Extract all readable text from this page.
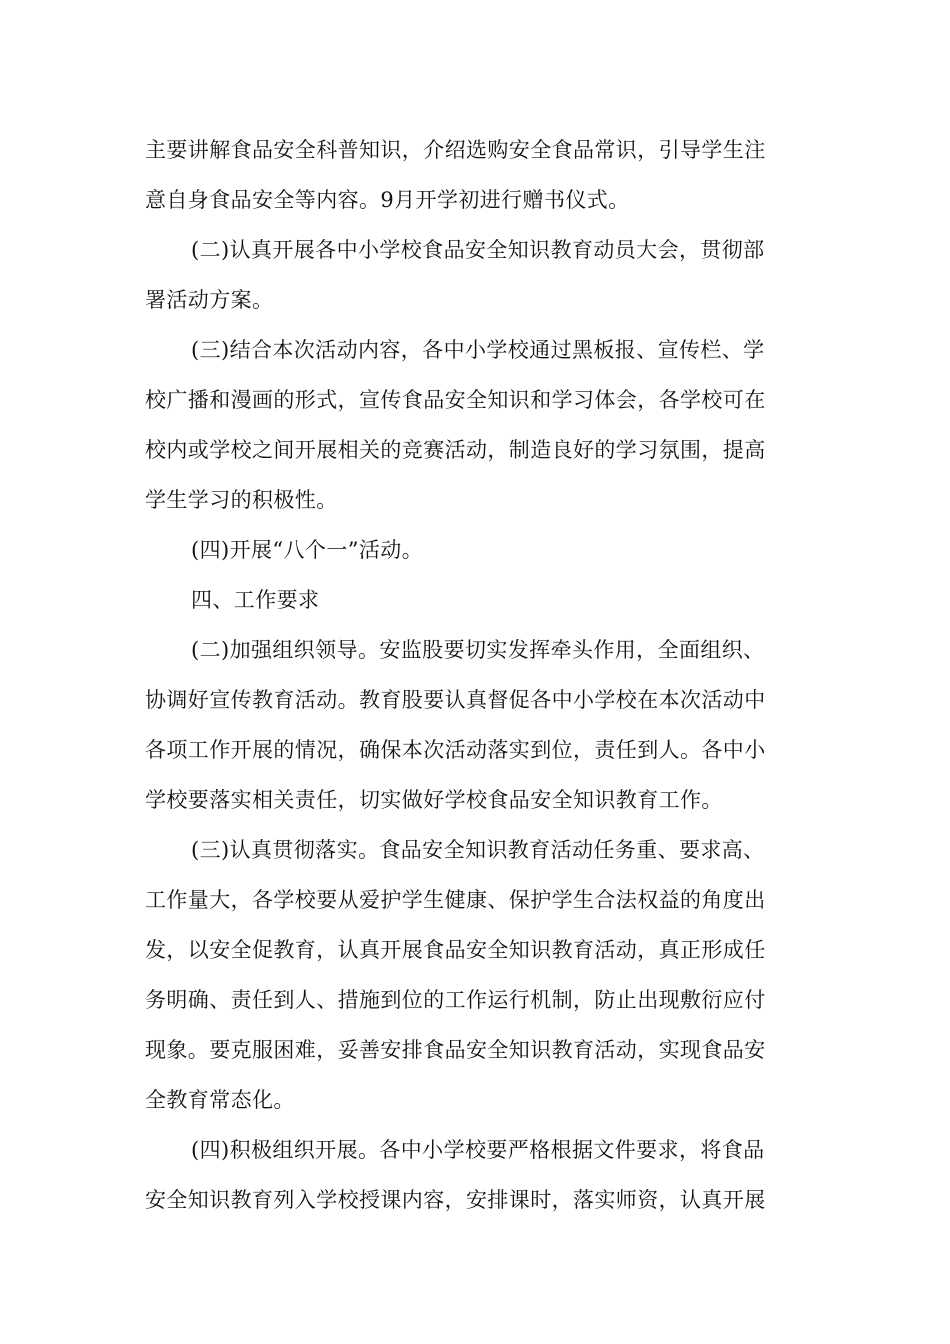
主要讲解食品安全科普知识，介绍选购安全食品常识，引导学生注
意自身食品安全等内容。9月开学初进行赠书仪式。
(二)认真开展各中小学校食品安全知识教育动员大会，贯彻部
署活动方案。
(三)结合本次活动内容，各中小学校通过黑板报、宣传栏、学
校广播和漫画的形式，宣传食品安全知识和学习体会，各学校可在
校内或学校之间开展相关的竞赛活动，制造良好的学习氛围，提高
学生学习的积极性。
(四)开展“八个一”活动。
四、工作要求
(二)加强组织领导。安监股要切实发挥牵头作用，全面组织、
协调好宣传教育活动。教育股要认真督促各中小学校在本次活动中
各项工作开展的情况，确保本次活动落实到位，责任到人。各中小
学校要落实相关责任，切实做好学校食品安全知识教育工作。
(三)认真贯彻落实。食品安全知识教育活动任务重、要求高、
工作量大，各学校要从爱护学生健康、保护学生合法权益的角度出
发，以安全促教育，认真开展食品安全知识教育活动，真正形成任
务明确、责任到人、措施到位的工作运行机制，防止出现敷衍应付
现象。要克服困难，妥善安排食品安全知识教育活动，实现食品安
全教育常态化。
(四)积极组织开展。各中小学校要严格根据文件要求，将食品
安全知识教育列入学校授课内容，安排课时，落实师资，认真开展
